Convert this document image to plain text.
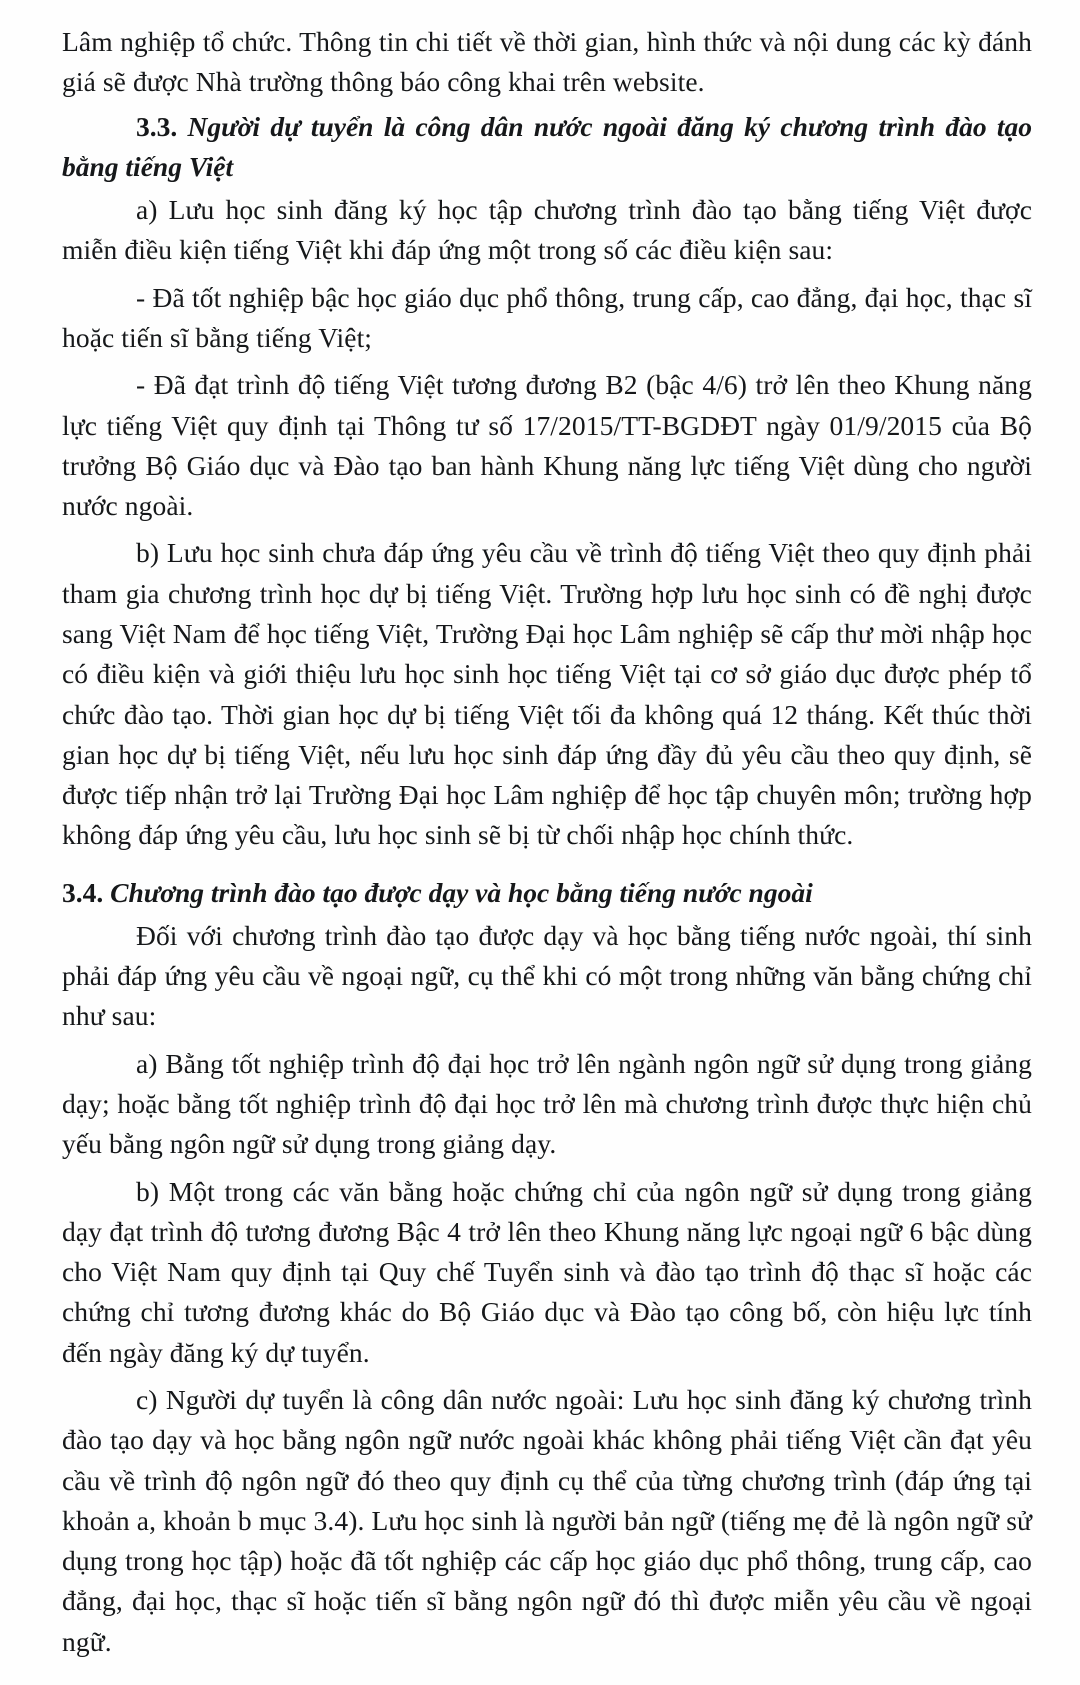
Lâm nghiệp tổ chức. Thông tin chi tiết về thời gian, hình thức và nội dung các kỳ đánh giá sẽ được Nhà trường thông báo công khai trên website.

3.3. Người dự tuyển là công dân nước ngoài đăng ký chương trình đào tạo bằng tiếng Việt

a) Lưu học sinh đăng ký học tập chương trình đào tạo bằng tiếng Việt được miễn điều kiện tiếng Việt khi đáp ứng một trong số các điều kiện sau:

- Đã tốt nghiệp bậc học giáo dục phổ thông, trung cấp, cao đẳng, đại học, thạc sĩ hoặc tiến sĩ bằng tiếng Việt;

- Đã đạt trình độ tiếng Việt tương đương B2 (bậc 4/6) trở lên theo Khung năng lực tiếng Việt quy định tại Thông tư số 17/2015/TT-BGDĐT ngày 01/9/2015 của Bộ trưởng Bộ Giáo dục và Đào tạo ban hành Khung năng lực tiếng Việt dùng cho người nước ngoài.

b) Lưu học sinh chưa đáp ứng yêu cầu về trình độ tiếng Việt theo quy định phải tham gia chương trình học dự bị tiếng Việt. Trường hợp lưu học sinh có đề nghị được sang Việt Nam để học tiếng Việt, Trường Đại học Lâm nghiệp sẽ cấp thư mời nhập học có điều kiện và giới thiệu lưu học sinh học tiếng Việt tại cơ sở giáo dục được phép tổ chức đào tạo. Thời gian học dự bị tiếng Việt tối đa không quá 12 tháng. Kết thúc thời gian học dự bị tiếng Việt, nếu lưu học sinh đáp ứng đầy đủ yêu cầu theo quy định, sẽ được tiếp nhận trở lại Trường Đại học Lâm nghiệp để học tập chuyên môn; trường hợp không đáp ứng yêu cầu, lưu học sinh sẽ bị từ chối nhập học chính thức.

3.4. Chương trình đào tạo được dạy và học bằng tiếng nước ngoài

Đối với chương trình đào tạo được dạy và học bằng tiếng nước ngoài, thí sinh phải đáp ứng yêu cầu về ngoại ngữ, cụ thể khi có một trong những văn bằng chứng chỉ như sau:

a) Bằng tốt nghiệp trình độ đại học trở lên ngành ngôn ngữ sử dụng trong giảng dạy; hoặc bằng tốt nghiệp trình độ đại học trở lên mà chương trình được thực hiện chủ yếu bằng ngôn ngữ sử dụng trong giảng dạy.

b) Một trong các văn bằng hoặc chứng chỉ của ngôn ngữ sử dụng trong giảng dạy đạt trình độ tương đương Bậc 4 trở lên theo Khung năng lực ngoại ngữ 6 bậc dùng cho Việt Nam quy định tại Quy chế Tuyển sinh và đào tạo trình độ thạc sĩ hoặc các chứng chỉ tương đương khác do Bộ Giáo dục và Đào tạo công bố, còn hiệu lực tính đến ngày đăng ký dự tuyển.

c) Người dự tuyển là công dân nước ngoài: Lưu học sinh đăng ký chương trình đào tạo dạy và học bằng ngôn ngữ nước ngoài khác không phải tiếng Việt cần đạt yêu cầu về trình độ ngôn ngữ đó theo quy định cụ thể của từng chương trình (đáp ứng tại khoản a, khoản b mục 3.4). Lưu học sinh là người bản ngữ (tiếng mẹ đẻ là ngôn ngữ sử dụng trong học tập) hoặc đã tốt nghiệp các cấp học giáo dục phổ thông, trung cấp, cao đẳng, đại học, thạc sĩ hoặc tiến sĩ bằng ngôn ngữ đó thì được miễn yêu cầu về ngoại ngữ.
